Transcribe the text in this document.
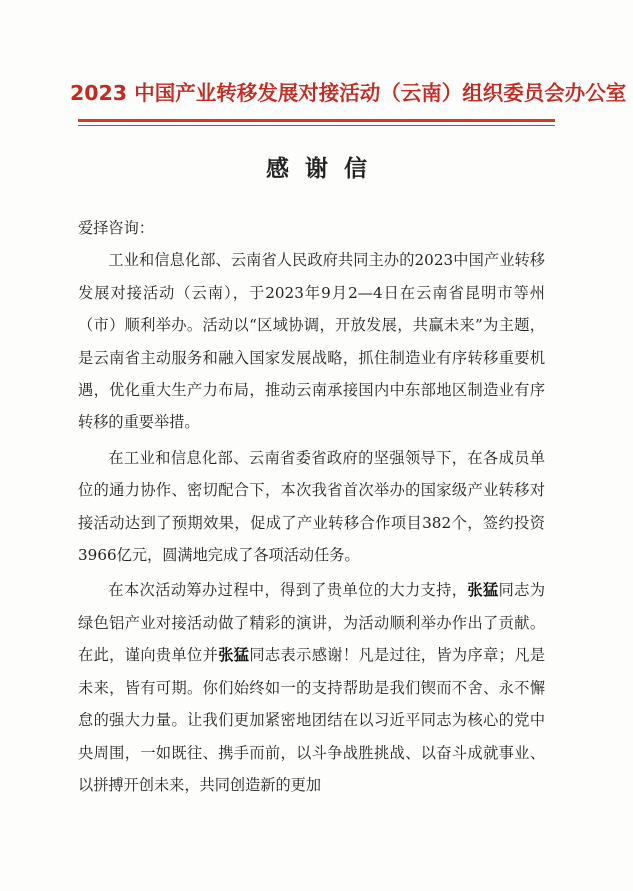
2023 中国产业转移发展对接活动（云南）组织委员会办公室
感谢信

爱择咨询：

工业和信息化部、云南省人民政府共同主办的2023中国产业转移发展对接活动（云南），于2023年9月2—4日在云南省昆明市等州（市）顺利举办。活动以“区域协调，开放发展，共赢未来”为主题，是云南省主动服务和融入国家发展战略，抓住制造业有序转移重要机遇，优化重大生产力布局，推动云南承接国内中东部地区制造业有序转移的重要举措。

在工业和信息化部、云南省委省政府的坚强领导下，在各成员单位的通力协作、密切配合下，本次我省首次举办的国家级产业转移对接活动达到了预期效果，促成了产业转移合作项目382个，签约投资3966亿元，圆满地完成了各项活动任务。

在本次活动筹办过程中，得到了贵单位的大力支持，张猛同志为绿色铝产业对接活动做了精彩的演讲，为活动顺利举办作出了贡献。在此，谨向贵单位并张猛同志表示感谢！凡是过往，皆为序章；凡是未来，皆有可期。你们始终如一的支持帮助是我们锲而不舍、永不懈怠的强大力量。让我们更加紧密地团结在以习近平同志为核心的党中央周围，一如既往、携手而前，以斗争战胜挑战、以奋斗成就事业、以拼搏开创未来，共同创造新的更加
